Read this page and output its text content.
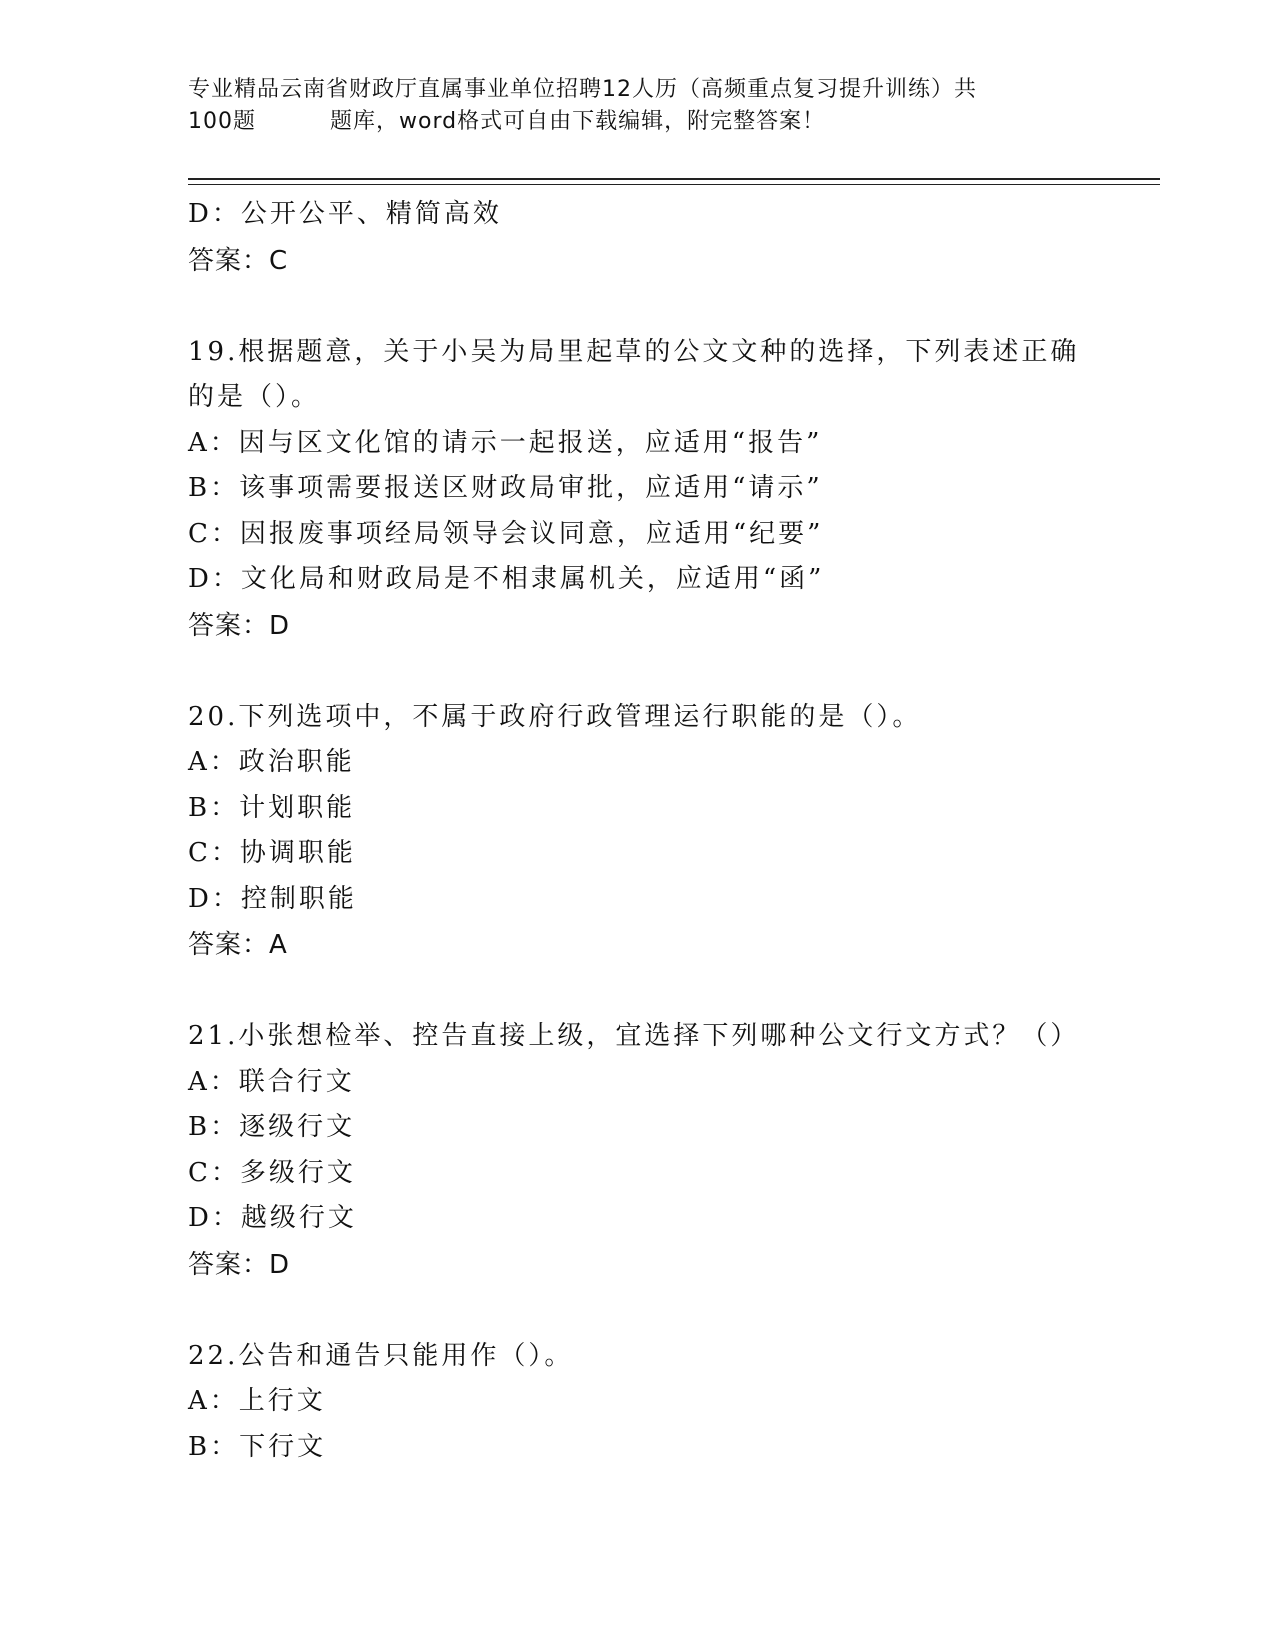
专业精品云南省财政厅直属事业单位招聘12人历（高频重点复习提升训练）共
100题	题库，word格式可自由下载编辑，附完整答案！
D：公开公平、精简高效
答案：C
19.根据题意，关于小吴为局里起草的公文文种的选择，下列表述正确的是（）。
A：因与区文化馆的请示一起报送，应适用“报告”
B：该事项需要报送区财政局审批，应适用“请示”
C：因报废事项经局领导会议同意，应适用“纪要”
D：文化局和财政局是不相隶属机关，应适用“函”
答案：D
20.下列选项中，不属于政府行政管理运行职能的是（）。
A：政治职能
B：计划职能
C：协调职能
D：控制职能
答案：A
21.小张想检举、控告直接上级，宜选择下列哪种公文行文方式？（）
A：联合行文
B：逐级行文
C：多级行文
D：越级行文
答案：D
22.公告和通告只能用作（）。
A：上行文
B：下行文
